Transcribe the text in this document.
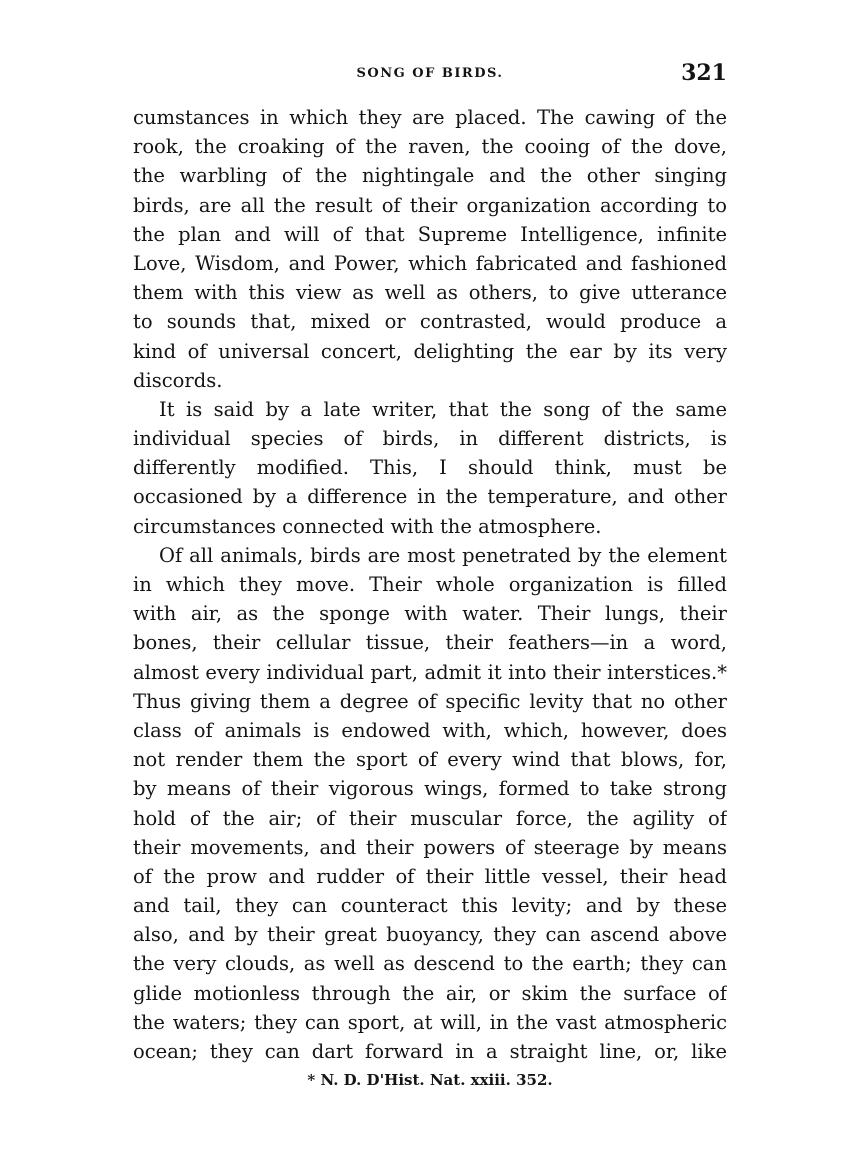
SONG OF BIRDS.	321
cumstances in which they are placed. The cawing of the
rook, the croaking of the raven, the cooing of the dove,
the warbling of the nightingale and the other singing
birds, are all the result of their organization according to
the plan and will of that Supreme Intelligence, infinite
Love, Wisdom, and Power, which fabricated and fashioned
them with this view as well as others, to give utterance
to sounds that, mixed or contrasted, would produce a
kind of universal concert, delighting the ear by its very
discords.
It is said by a late writer, that the song of the same
individual species of birds, in different districts, is
differently modified. This, I should think, must be
occasioned by a difference in the temperature, and other
circumstances connected with the atmosphere.
Of all animals, birds are most penetrated by the element
in which they move. Their whole organization is filled
with air, as the sponge with water. Their lungs, their
bones, their cellular tissue, their feathers—in a word,
almost every individual part, admit it into their interstices.*
Thus giving them a degree of specific levity that no other
class of animals is endowed with, which, however, does
not render them the sport of every wind that blows, for,
by means of their vigorous wings, formed to take strong
hold of the air; of their muscular force, the agility of
their movements, and their powers of steerage by means
of the prow and rudder of their little vessel, their head
and tail, they can counteract this levity; and by these
also, and by their great buoyancy, they can ascend above
the very clouds, as well as descend to the earth; they can
glide motionless through the air, or skim the surface of
the waters; they can sport, at will, in the vast atmospheric
ocean; they can dart forward in a straight line, or, like
* N. D. D'Hist. Nat. xxiii. 352.
